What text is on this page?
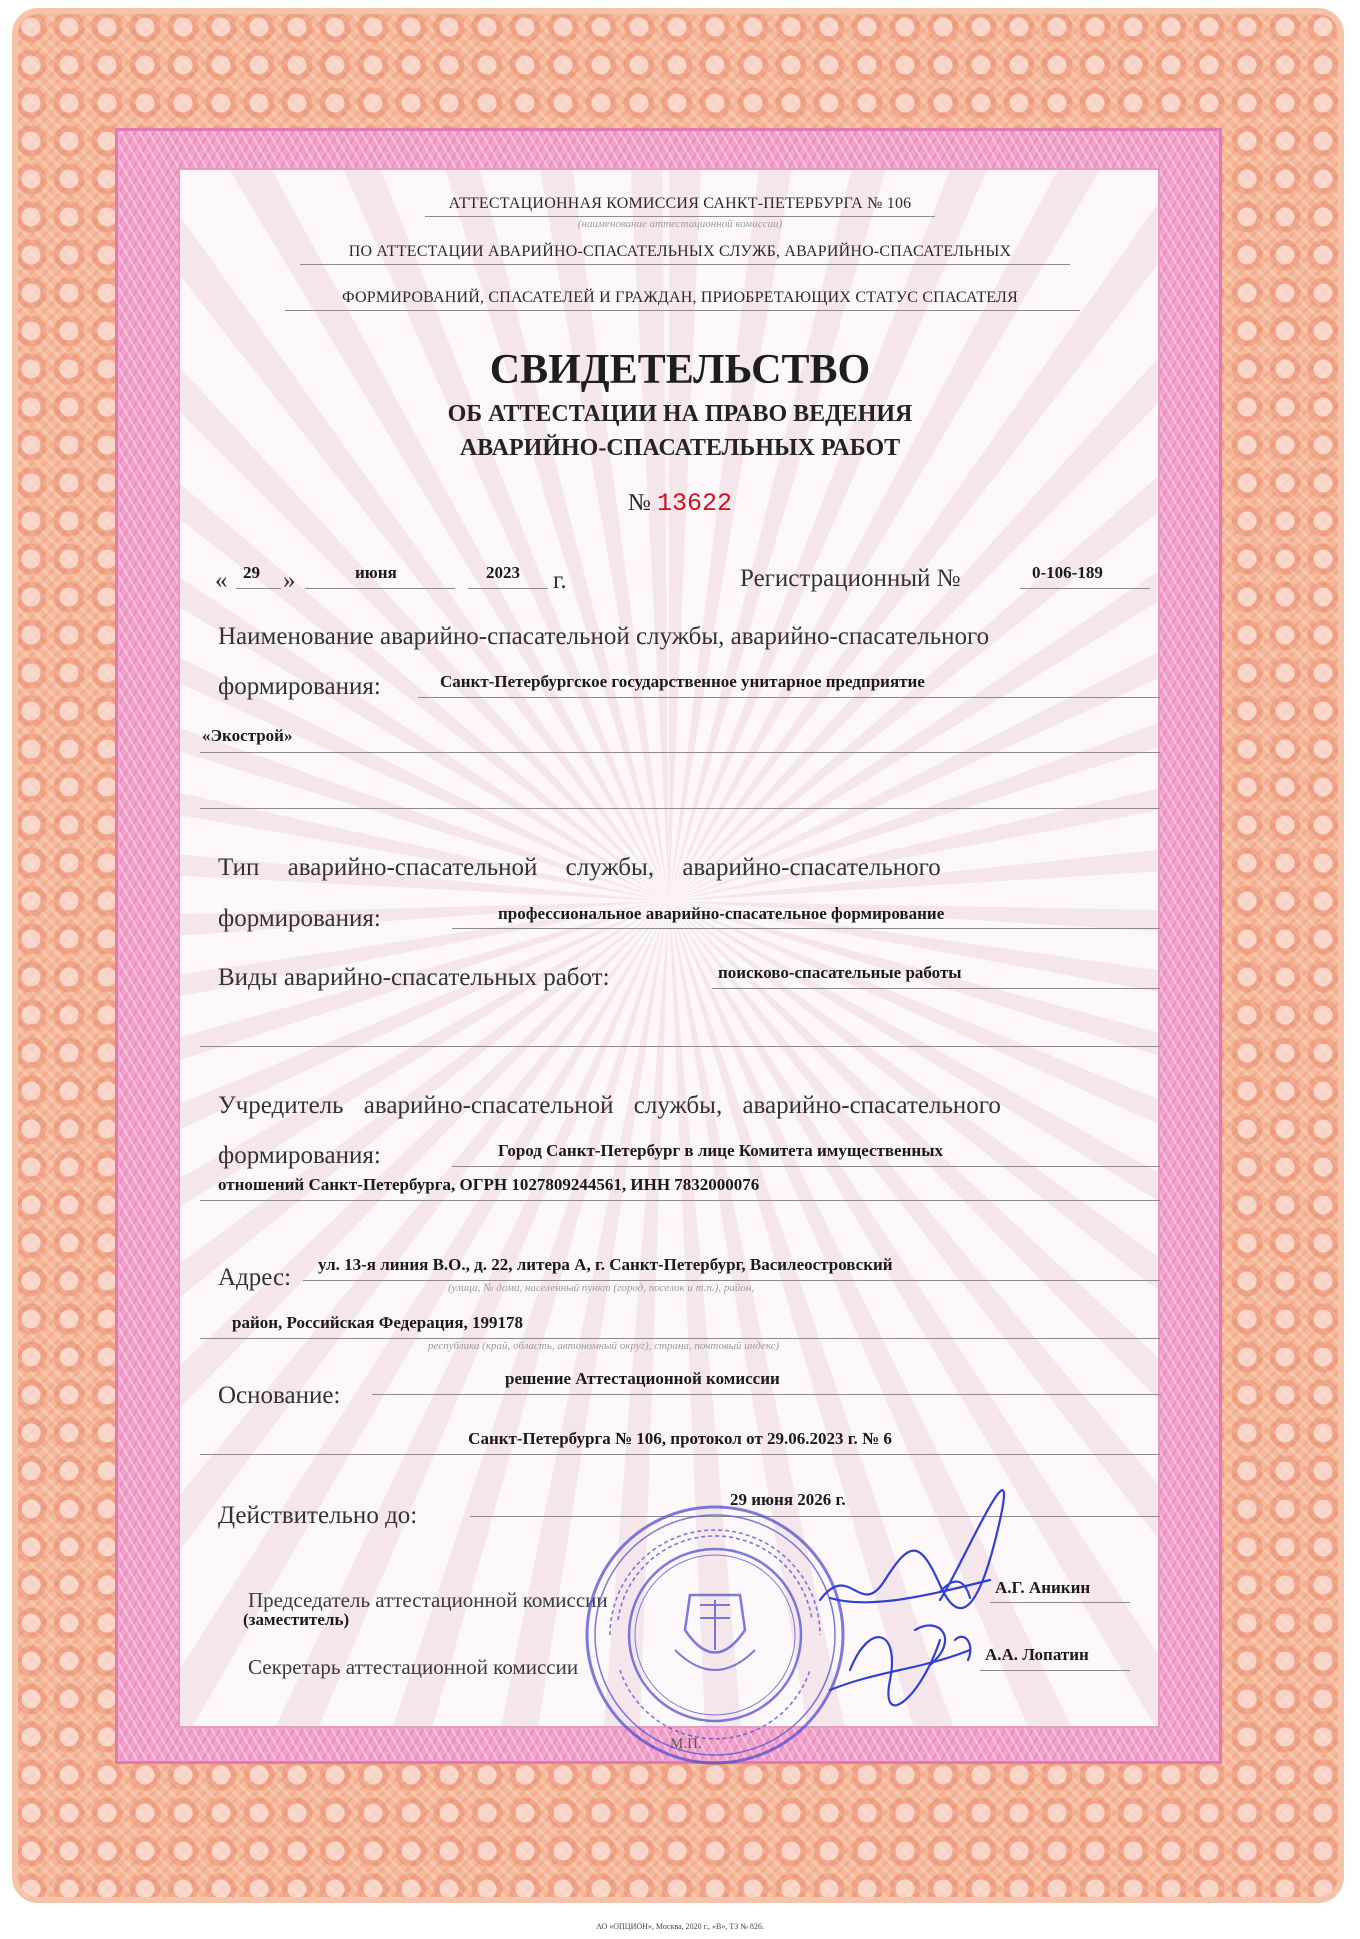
АТТЕСТАЦИОННАЯ КОМИССИЯ САНКТ-ПЕТЕРБУРГА № 106
(наименование аттестационной комиссии)
ПО АТТЕСТАЦИИ АВАРИЙНО-СПАСАТЕЛЬНЫХ СЛУЖБ, АВАРИЙНО-СПАСАТЕЛЬНЫХ
ФОРМИРОВАНИЙ, СПАСАТЕЛЕЙ И ГРАЖДАН, ПРИОБРЕТАЮЩИХ СТАТУС СПАСАТЕЛЯ
СВИДЕТЕЛЬСТВО
ОБ АТТЕСТАЦИИ НА ПРАВО ВЕДЕНИЯ
АВАРИЙНО-СПАСАТЕЛЬНЫХ РАБОТ
№ 13622
« 29 »	июня	2023 г.	Регистрационный №	0-106-189
Наименование аварийно-спасательной службы, аварийно-спасательного
формирования:	Санкт-Петербургское государственное унитарное предприятие
«Экострой»
Тип аварийно-спасательной службы, аварийно-спасательного
формирования:	профессиональное аварийно-спасательное формирование
Виды аварийно-спасательных работ:	поисково-спасательные работы
Учредитель аварийно-спасательной службы, аварийно-спасательного
формирования:	Город Санкт-Петербург в лице Комитета имущественных
отношений Санкт-Петербурга, ОГРН 1027809244561, ИНН 7832000076
Адрес: ул. 13-я линия В.О., д. 22, литера А, г. Санкт-Петербург, Василеостровский
(улица, № дома, населенный пункт (город, поселок и т.п.), район,
район, Российская Федерация, 199178
республика (край, область, автономный округ), страна, почтовый индекс)
Основание:
решение Аттестационной комиссии
Санкт-Петербурга № 106, протокол от 29.06.2023 г. № 6
Действительно до:
29 июня 2026 г.
Председатель аттестационной комиссии
(заместитель)
А.Г. Аникин
Секретарь аттестационной комиссии
А.А. Лопатин
М.П.
АО «ОПЦИОН», Москва, 2020 г., «В», ТЗ № 826.
